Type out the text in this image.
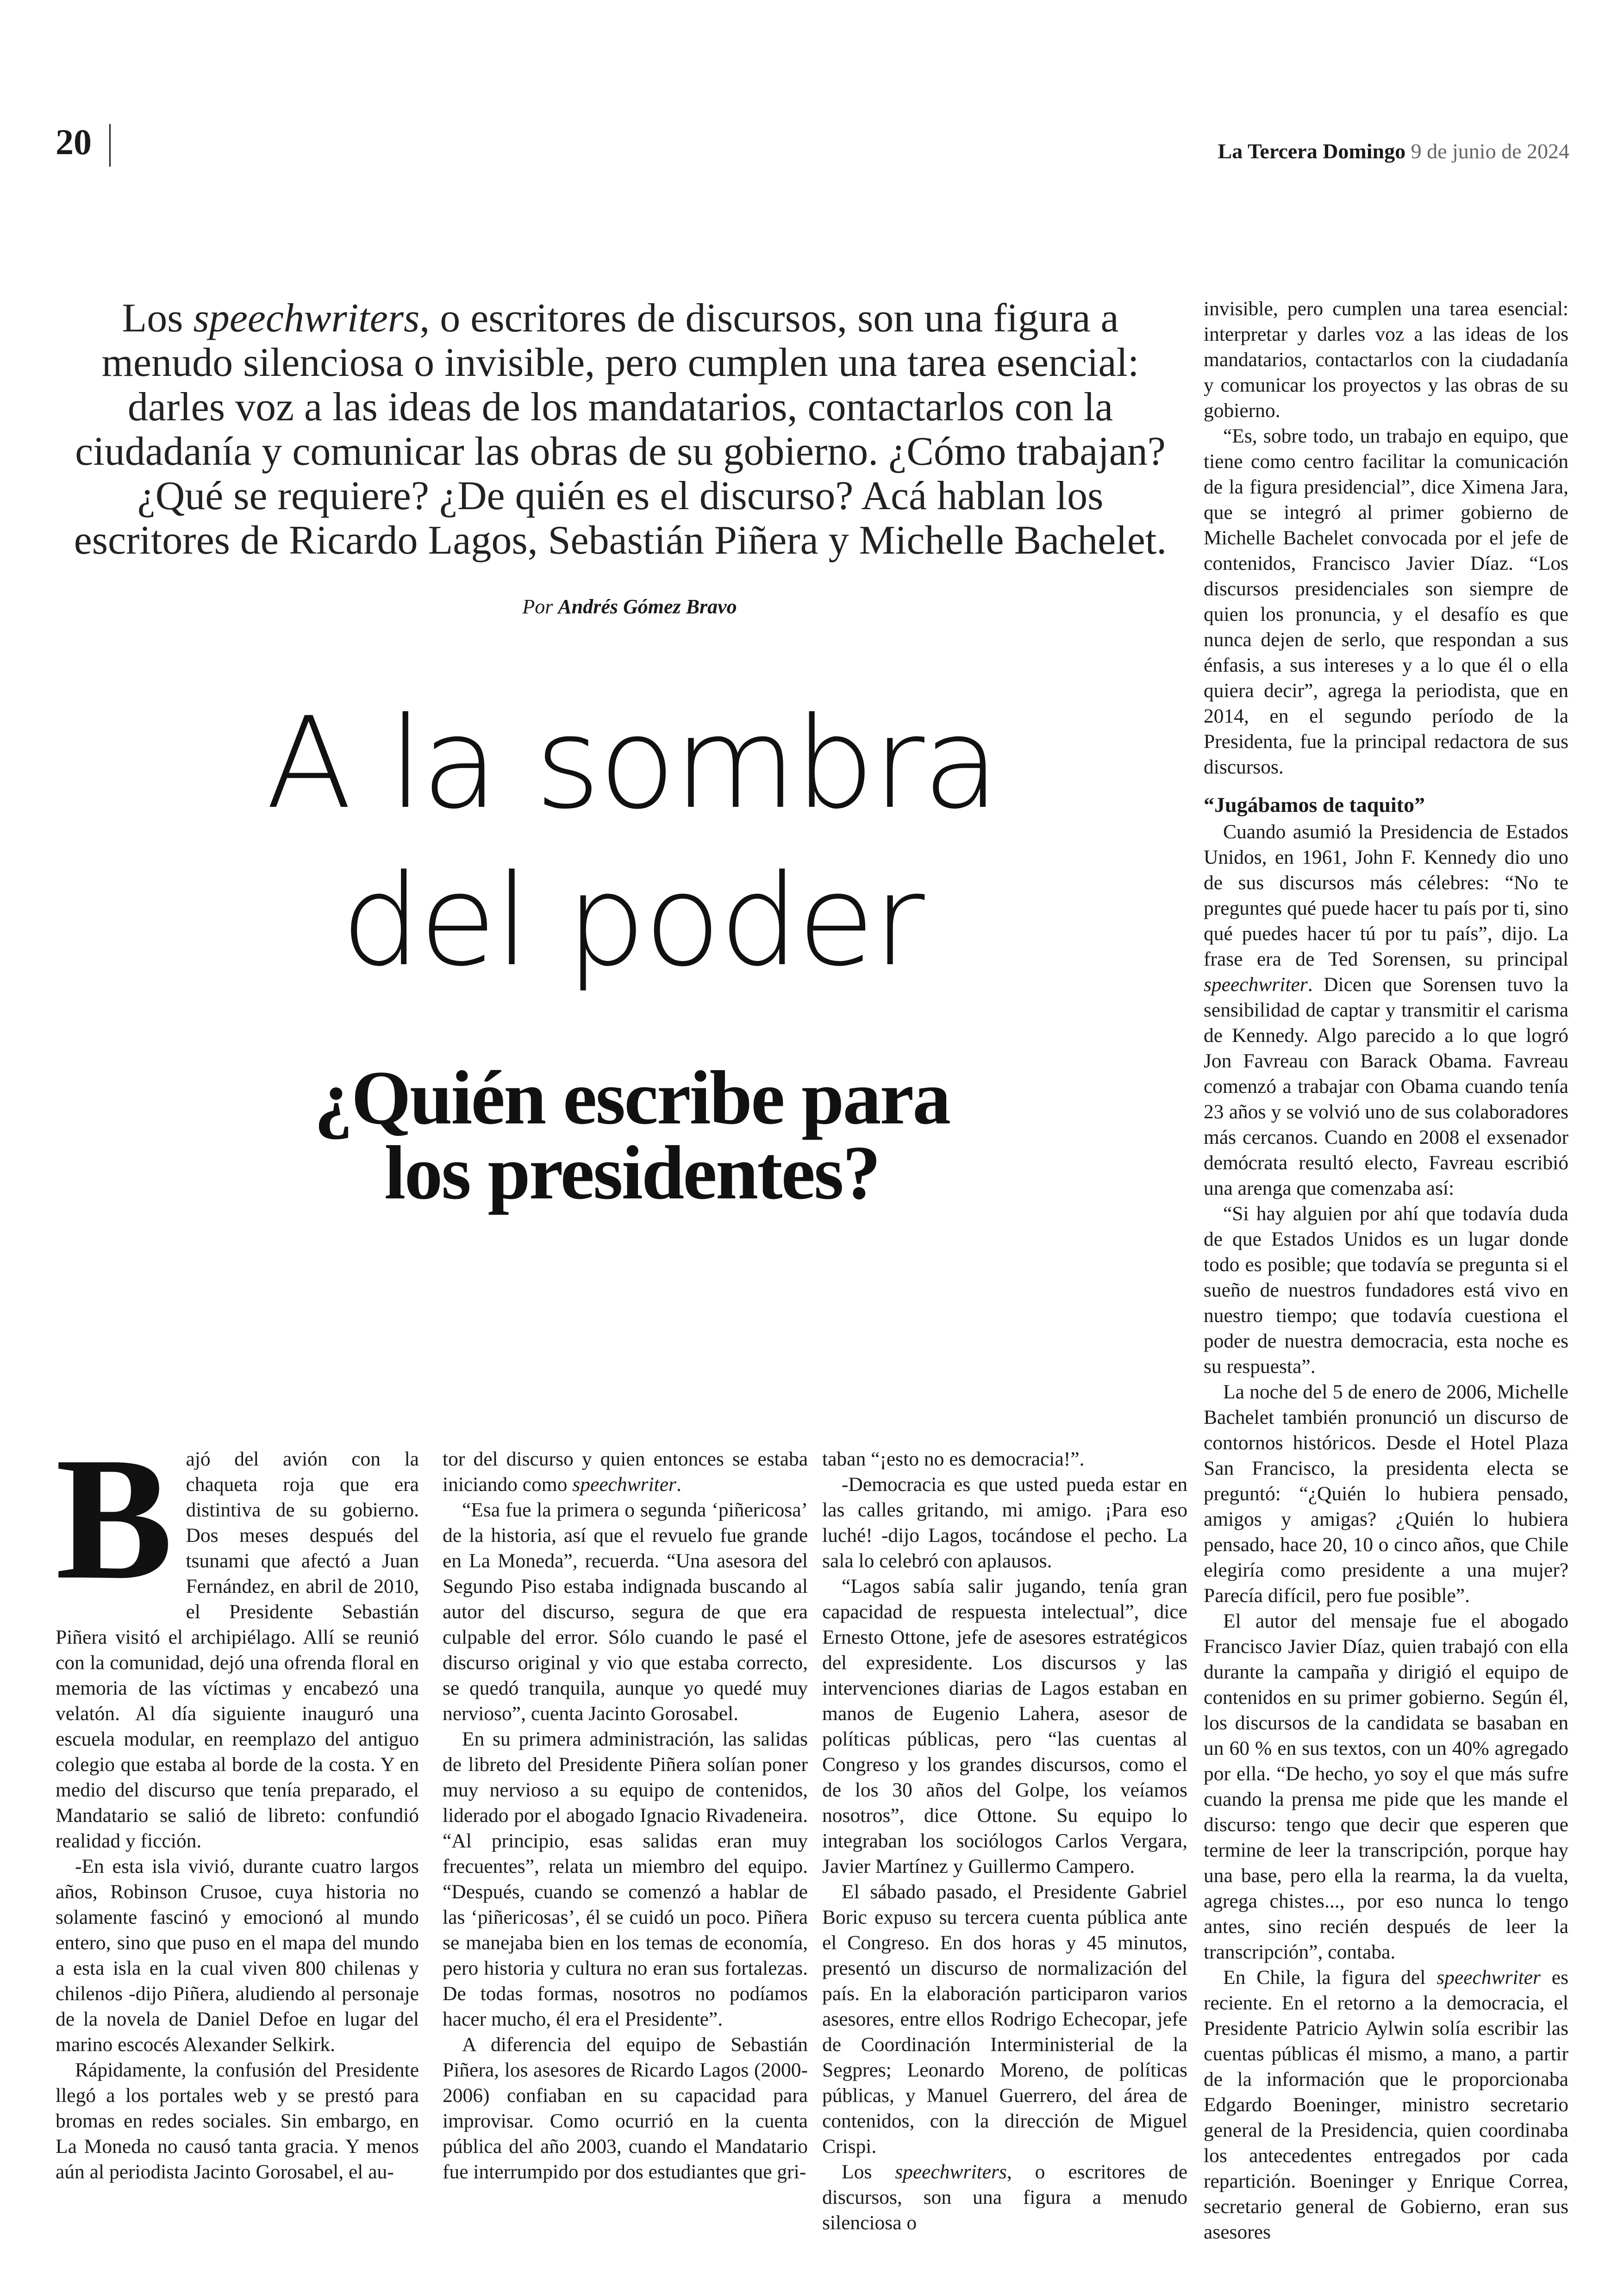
20	La Tercera Domingo 9 de junio de 2024
Los speechwriters, o escritores de discursos, son una figura a menudo silenciosa o invisible, pero cumplen una tarea esencial: darles voz a las ideas de los mandatarios, contactarlos con la ciudadanía y comunicar las obras de su gobierno. ¿Cómo trabajan? ¿Qué se requiere? ¿De quién es el discurso? Acá hablan los escritores de Ricardo Lagos, Sebastián Piñera y Michelle Bachelet.
Por Andrés Gómez Bravo
A la sombra
del poder
¿Quién escribe para
los presidentes?
B ajó del avión con la chaqueta roja que era distintiva de su gobierno. Dos meses después del tsunami que afectó a Juan Fernández, en abril de 2010, el Presidente Sebastián Piñera visitó el archipiélago. Allí se reunió con la comunidad, dejó una ofrenda floral en memoria de las víctimas y encabezó una velatón. Al día siguiente inauguró una escuela modular, en reemplazo del antiguo colegio que estaba al borde de la costa. Y en medio del discurso que tenía preparado, el Mandatario se salió de libreto: confundió realidad y ficción.

-En esta isla vivió, durante cuatro largos años, Robinson Crusoe, cuya historia no solamente fascinó y emocionó al mundo entero, sino que puso en el mapa del mundo a esta isla en la cual viven 800 chilenas y chilenos -dijo Piñera, aludiendo al personaje de la novela de Daniel Defoe en lugar del marino escocés Alexander Selkirk.

Rápidamente, la confusión del Presidente llegó a los portales web y se prestó para bromas en redes sociales. Sin embargo, en La Moneda no causó tanta gracia. Y menos aún al periodista Jacinto Gorosabel, el au-

tor del discurso y quien entonces se estaba iniciando como speechwriter.

“Esa fue la primera o segunda ‘piñericosa’ de la historia, así que el revuelo fue grande en La Moneda”, recuerda. “Una asesora del Segundo Piso estaba indignada buscando al autor del discurso, segura de que era culpable del error. Sólo cuando le pasé el discurso original y vio que estaba correcto, se quedó tranquila, aunque yo quedé muy nervioso”, cuenta Jacinto Gorosabel.

En su primera administración, las salidas de libreto del Presidente Piñera solían poner muy nervioso a su equipo de contenidos, liderado por el abogado Ignacio Rivadeneira. “Al principio, esas salidas eran muy frecuentes”, relata un miembro del equipo. “Después, cuando se comenzó a hablar de las ‘piñericosas’, él se cuidó un poco. Piñera se manejaba bien en los temas de economía, pero historia y cultura no eran sus fortalezas. De todas formas, nosotros no podíamos hacer mucho, él era el Presidente”.

A diferencia del equipo de Sebastián Piñera, los asesores de Ricardo Lagos (2000-2006) confiaban en su capacidad para improvisar. Como ocurrió en la cuenta pública del año 2003, cuando el Mandatario fue interrumpido por dos estudiantes que gri-

taban “¡esto no es democracia!”.

-Democracia es que usted pueda estar en las calles gritando, mi amigo. ¡Para eso luché! -dijo Lagos, tocándose el pecho. La sala lo celebró con aplausos.

“Lagos sabía salir jugando, tenía gran capacidad de respuesta intelectual”, dice Ernesto Ottone, jefe de asesores estratégicos del expresidente. Los discursos y las intervenciones diarias de Lagos estaban en manos de Eugenio Lahera, asesor de políticas públicas, pero “las cuentas al Congreso y los grandes discursos, como el de los 30 años del Golpe, los veíamos nosotros”, dice Ottone. Su equipo lo integraban los sociólogos Carlos Vergara, Javier Martínez y Guillermo Campero.

El sábado pasado, el Presidente Gabriel Boric expuso su tercera cuenta pública ante el Congreso. En dos horas y 45 minutos, presentó un discurso de normalización del país. En la elaboración participaron varios asesores, entre ellos Rodrigo Echecopar, jefe de Coordinación Interministerial de la Segpres; Leonardo Moreno, de políticas públicas, y Manuel Guerrero, del área de contenidos, con la dirección de Miguel Crispi.

Los speechwriters, o escritores de discursos, son una figura a menudo silenciosa o

invisible, pero cumplen una tarea esencial: interpretar y darles voz a las ideas de los mandatarios, contactarlos con la ciudadanía y comunicar los proyectos y las obras de su gobierno.

“Es, sobre todo, un trabajo en equipo, que tiene como centro facilitar la comunicación de la figura presidencial”, dice Ximena Jara, que se integró al primer gobierno de Michelle Bachelet convocada por el jefe de contenidos, Francisco Javier Díaz. “Los discursos presidenciales son siempre de quien los pronuncia, y el desafío es que nunca dejen de serlo, que respondan a sus énfasis, a sus intereses y a lo que él o ella quiera decir”, agrega la periodista, que en 2014, en el segundo período de la Presidenta, fue la principal redactora de sus discursos.

“Jugábamos de taquito”

Cuando asumió la Presidencia de Estados Unidos, en 1961, John F. Kennedy dio uno de sus discursos más célebres: “No te preguntes qué puede hacer tu país por ti, sino qué puedes hacer tú por tu país”, dijo. La frase era de Ted Sorensen, su principal speechwriter. Dicen que Sorensen tuvo la sensibilidad de captar y transmitir el carisma de Kennedy. Algo parecido a lo que logró Jon Favreau con Barack Obama. Favreau comenzó a trabajar con Obama cuando tenía 23 años y se volvió uno de sus colaboradores más cercanos. Cuando en 2008 el exsenador demócrata resultó electo, Favreau escribió una arenga que comenzaba así:

“Si hay alguien por ahí que todavía duda de que Estados Unidos es un lugar donde todo es posible; que todavía se pregunta si el sueño de nuestros fundadores está vivo en nuestro tiempo; que todavía cuestiona el poder de nuestra democracia, esta noche es su respuesta”.

La noche del 5 de enero de 2006, Michelle Bachelet también pronunció un discurso de contornos históricos. Desde el Hotel Plaza San Francisco, la presidenta electa se preguntó: “¿Quién lo hubiera pensado, amigos y amigas? ¿Quién lo hubiera pensado, hace 20, 10 o cinco años, que Chile elegiría como presidente a una mujer? Parecía difícil, pero fue posible”.

El autor del mensaje fue el abogado Francisco Javier Díaz, quien trabajó con ella durante la campaña y dirigió el equipo de contenidos en su primer gobierno. Según él, los discursos de la candidata se basaban en un 60 % en sus textos, con un 40% agregado por ella. “De hecho, yo soy el que más sufre cuando la prensa me pide que les mande el discurso: tengo que decir que esperen que termine de leer la transcripción, porque hay una base, pero ella la rearma, la da vuelta, agrega chistes..., por eso nunca lo tengo antes, sino recién después de leer la transcripción”, contaba.

En Chile, la figura del speechwriter es reciente. En el retorno a la democracia, el Presidente Patricio Aylwin solía escribir las cuentas públicas él mismo, a mano, a partir de la información que le proporcionaba Edgardo Boeninger, ministro secretario general de la Presidencia, quien coordinaba los antecedentes entregados por cada repartición. Boeninger y Enrique Correa, secretario general de Gobierno, eran sus asesores
